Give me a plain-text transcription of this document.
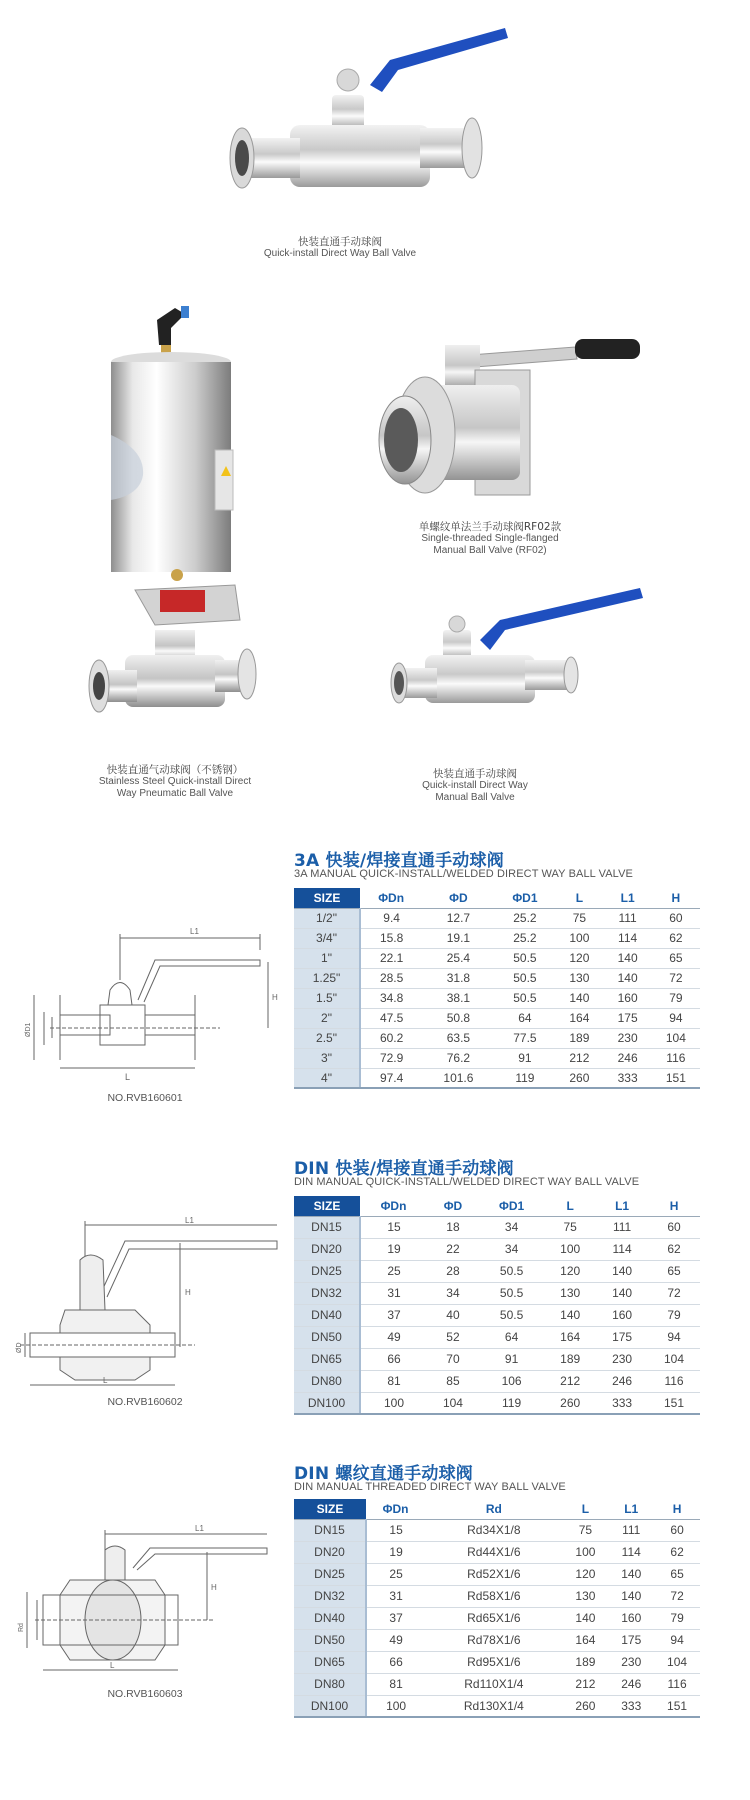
快装直通手动球阀
Quick-install Direct Way Ball Valve
快装直通气动球阀（不锈钢）
Stainless Steel Quick-install Direct
Way Pneumatic Ball Valve
单螺纹单法兰手动球阀RF02款
Single-threaded Single-flanged
Manual Ball Valve (RF02)
快装直通手动球阀
Quick-install Direct Way
Manual Ball Valve
3A 快装/焊接直通手动球阀
3A MANUAL QUICK-INSTALL/WELDED DIRECT WAY BALL VALVE
L1
H
L
ØD1
NO.RVB160601
SIZE	ΦDn	ΦD	ΦD1	L	L1	H
1/2"	9.4	12.7	25.2	75	111	60
3/4"	15.8	19.1	25.2	100	114	62
1"	22.1	25.4	50.5	120	140	65
1.25"	28.5	31.8	50.5	130	140	72
1.5"	34.8	38.1	50.5	140	160	79
2"	47.5	50.8	64	164	175	94
2.5"	60.2	63.5	77.5	189	230	104
3"	72.9	76.2	91	212	246	116
4"	97.4	101.6	119	260	333	151
DIN 快装/焊接直通手动球阀
DIN MANUAL QUICK-INSTALL/WELDED DIRECT WAY BALL VALVE
L1
H
L
ØD
NO.RVB160602
SIZE	ΦDn	ΦD	ΦD1	L	L1	H
DN15	15	18	34	75	111	60
DN20	19	22	34	100	114	62
DN25	25	28	50.5	120	140	65
DN32	31	34	50.5	130	140	72
DN40	37	40	50.5	140	160	79
DN50	49	52	64	164	175	94
DN65	66	70	91	189	230	104
DN80	81	85	106	212	246	116
DN100	100	104	119	260	333	151
DIN 螺纹直通手动球阀
DIN MANUAL THREADED DIRECT WAY BALL VALVE
L1
H
L
Rd
NO.RVB160603
SIZE	ΦDn	Rd	L	L1	H
DN15	15	Rd34X1/8	75	111	60
DN20	19	Rd44X1/6	100	114	62
DN25	25	Rd52X1/6	120	140	65
DN32	31	Rd58X1/6	130	140	72
DN40	37	Rd65X1/6	140	160	79
DN50	49	Rd78X1/6	164	175	94
DN65	66	Rd95X1/6	189	230	104
DN80	81	Rd110X1/4	212	246	116
DN100	100	Rd130X1/4	260	333	151
